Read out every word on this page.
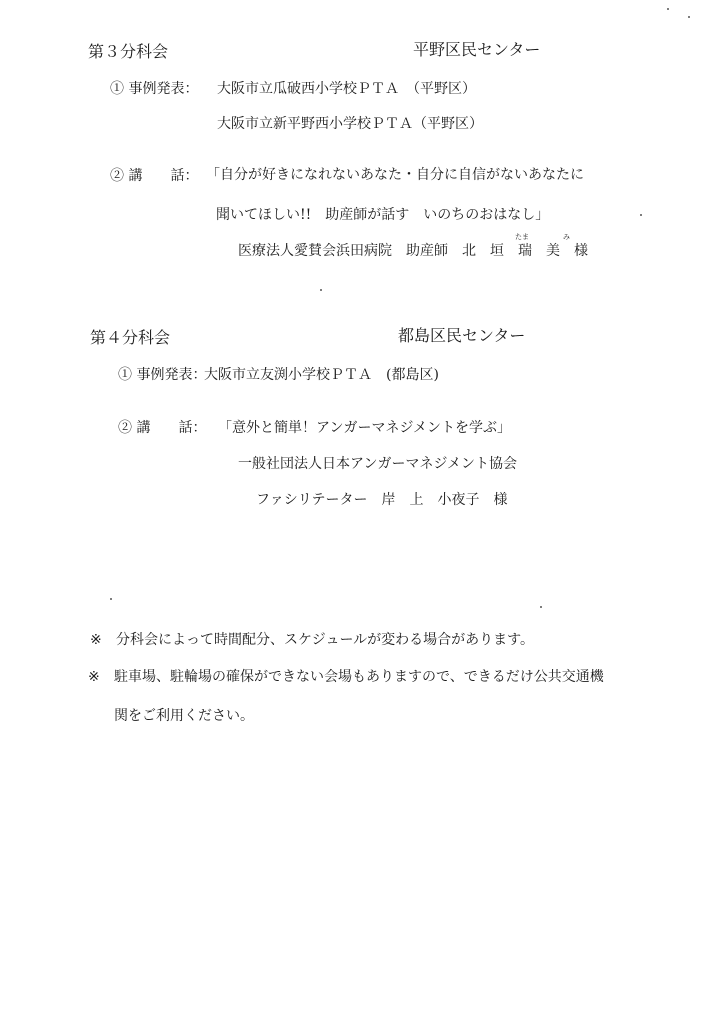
第３分科会	平野区民センター
① 事例発表： 大阪市立瓜破西小学校ＰＴＡ　（平野区）
大阪市立新平野西小学校ＰＴＡ（平野区）
② 講　　話： 「自分が好きになれないあなた・自分に自信がないあなたに
聞いてほしい!!　助産師が話す　いのちのおはなし」
たま	み
医療法人愛賛会浜田病院　助産師　北　垣　瑞　美　様
第４分科会	都島区民センター
① 事例発表：
大阪市立友渕小学校ＰＴＡ　(都島区)
② 講　　話： 「意外と簡単！アンガーマネジメントを学ぶ」
一般社団法人日本アンガーマネジメント協会
ファシリテーター　岸　上　小夜子　様
※ 分科会によって時間配分、スケジュールが変わる場合があります。
※ 駐車場、駐輪場の確保ができない会場もありますので、できるだけ公共交通機
関をご利用ください。
